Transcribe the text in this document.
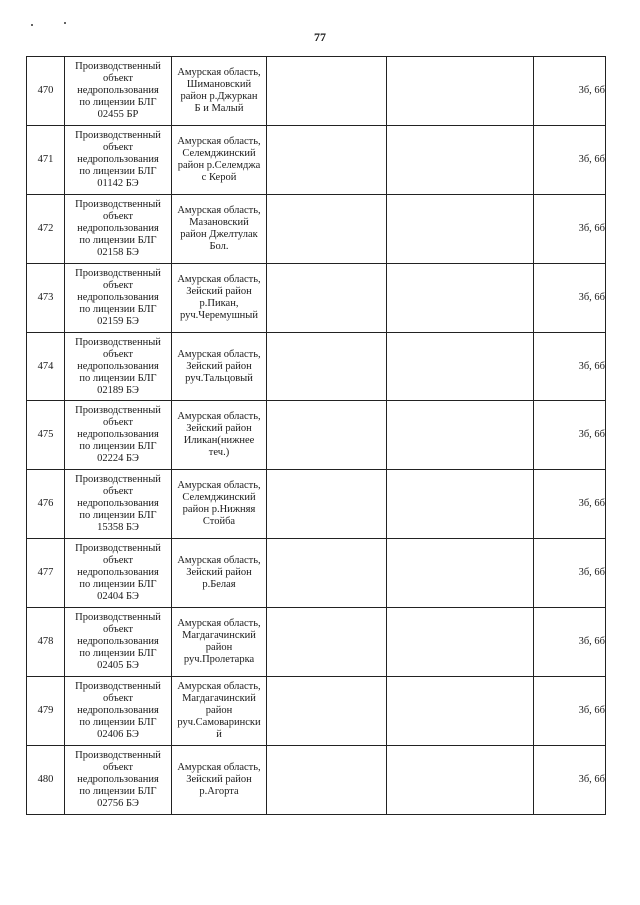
77
470	Производственный
объект
недропользования
по лицензии БЛГ
02455 БР	Амурская область,
Шимановский
район р.Джуркан
Б и Малый			3б, 6б
471	Производственный
объект
недропользования
по лицензии БЛГ
01142 БЭ	Амурская область,
Селемджинский
район р.Селемджа
с Керой			3б, 6б
472	Производственный
объект
недропользования
по лицензии БЛГ
02158 БЭ	Амурская область,
Мазановский
район Джелтулак
Бол.			3б, 6б
473	Производственный
объект
недропользования
по лицензии БЛГ
02159 БЭ	Амурская область,
Зейский район
р.Пикан,
руч.Черемушный			3б, 6б
474	Производственный
объект
недропользования
по лицензии БЛГ
02189 БЭ	Амурская область,
Зейский район
руч.Тальцовый			3б, 6б
475	Производственный
объект
недропользования
по лицензии БЛГ
02224 БЭ	Амурская область,
Зейский район
Иликан(нижнее
теч.)			3б, 6б
476	Производственный
объект
недропользования
по лицензии БЛГ
15358 БЭ	Амурская область,
Селемджинский
район р.Нижняя
Стойба			3б, 6б
477	Производственный
объект
недропользования
по лицензии БЛГ
02404 БЭ	Амурская область,
Зейский район
р.Белая			3б, 6б
478	Производственный
объект
недропользования
по лицензии БЛГ
02405 БЭ	Амурская область,
Магдагачинский
район
руч.Пролетарка			3б, 6б
479	Производственный
объект
недропользования
по лицензии БЛГ
02406 БЭ	Амурская область,
Магдагачинский
район
руч.Самоварински
й			3б, 6б
480	Производственный
объект
недропользования
по лицензии БЛГ
02756 БЭ	Амурская область,
Зейский район
р.Агорта			3б, 6б
